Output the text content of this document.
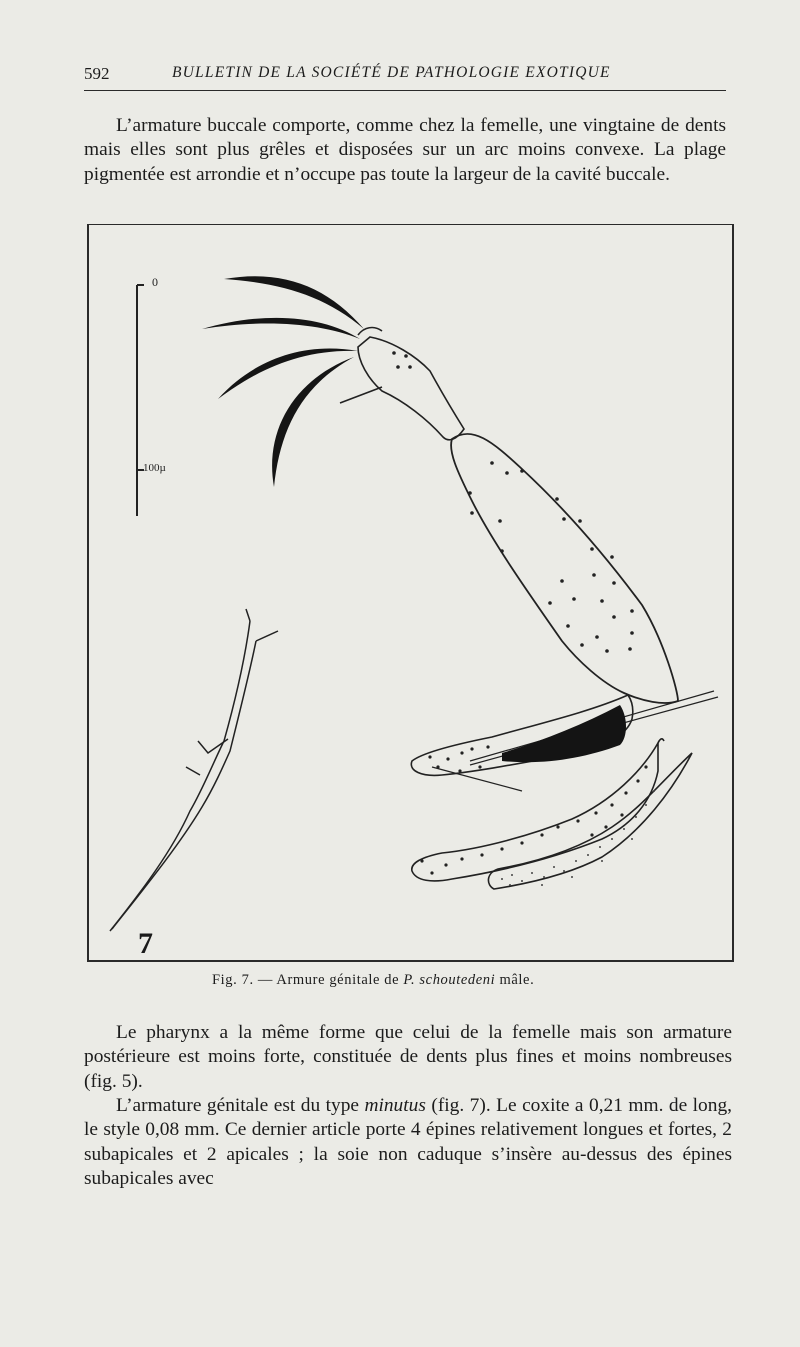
592	BULLETIN DE LA SOCIÉTÉ DE PATHOLOGIE EXOTIQUE

L’armature buccale comporte, comme chez la femelle, une vingtaine de dents mais elles sont plus grêles et disposées sur un arc moins convexe. La plage pigmentée est arrondie et n’occupe pas toute la largeur de la cavité buccale.

0
100µ
7
Fig. 7. — Armure génitale de P. schoutedeni mâle.

Le pharynx a la même forme que celui de la femelle mais son armature postérieure est moins forte, constituée de dents plus fines et moins nombreuses (fig. 5).

L’armature génitale est du type minutus (fig. 7). Le coxite a 0,21 mm. de long, le style 0,08 mm. Ce dernier article porte 4 épines relativement longues et fortes, 2 subapicales et 2 apicales ; la soie non caduque s’insère au-dessus des épines subapicales avec
